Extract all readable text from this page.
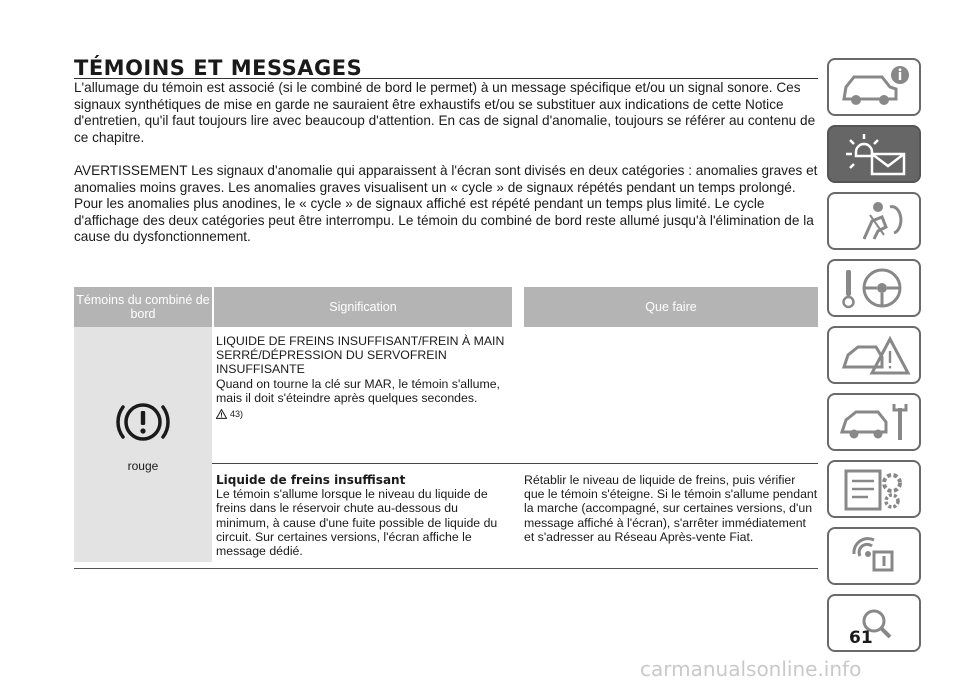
TÉMOINS ET MESSAGES

L'allumage du témoin est associé (si le combiné de bord le permet) à un message spécifique et/ou un signal sonore. Ces signaux synthétiques de mise en garde ne sauraient être exhaustifs et/ou se substituer aux indications de cette Notice d'entretien, qu'il faut toujours lire avec beaucoup d'attention. En cas de signal d'anomalie, toujours se référer au contenu de ce chapitre.

AVERTISSEMENT Les signaux d'anomalie qui apparaissent à l'écran sont divisés en deux catégories : anomalies graves et anomalies moins graves. Les anomalies graves visualisent un « cycle » de signaux répétés pendant un temps prolongé. Pour les anomalies plus anodines, le « cycle » de signaux affiché est répété pendant un temps plus limité. Le cycle d'affichage des deux catégories peut être interrompu. Le témoin du combiné de bord reste allumé jusqu'à l'élimination de la cause du dysfonctionnement.

Témoins du combiné de bord	Signification	Que faire
rouge
LIQUIDE DE FREINS INSUFFISANT/FREIN À MAIN SERRÉ/DÉPRESSION DU SERVOFREIN INSUFFISANTE
Quand on tourne la clé sur MAR, le témoin s'allume, mais il doit s'éteindre après quelques secondes.
43)
Liquide de freins insuffisant
Le témoin s'allume lorsque le niveau du liquide de freins dans le réservoir chute au-dessous du minimum, à cause d'une fuite possible de liquide du circuit. Sur certaines versions, l'écran affiche le message dédié.
Rétablir le niveau de liquide de freins, puis vérifier que le témoin s'éteigne. Si le témoin s'allume pendant la marche (accompagné, sur certaines versions, d'un message affiché à l'écran), s'arrêter immédiatement et s'adresser au Réseau Après-vente Fiat.
61
carmanualsonline.info
